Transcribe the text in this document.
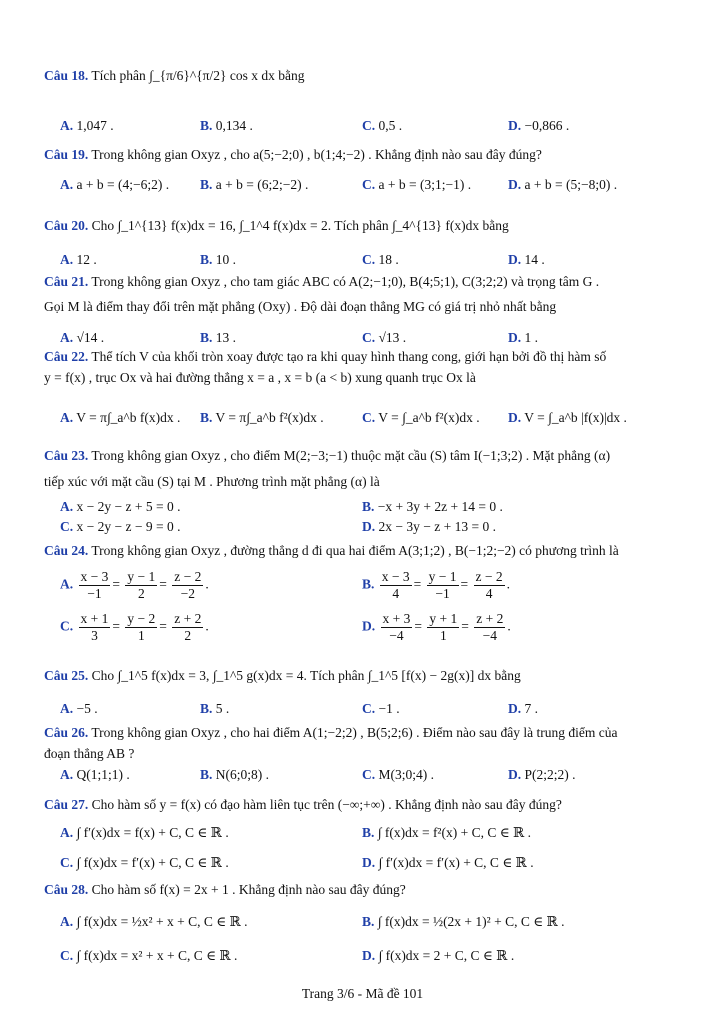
Câu 18. Tích phân ∫_{π/6}^{π/2} cos x dx bằng
A. 1,047 .	B. 0,134 .	C. 0,5 .	D. −0,866 .
Câu 19. Trong không gian Oxyz , cho a(5;−2;0) , b(1;4;−2) . Khẳng định nào sau đây đúng?
A. a + b = (4;−6;2) . B. a + b = (6;2;−2) .	C. a + b = (3;1;−1) .	D. a + b = (5;−8;0) .
Câu 20. Cho ∫_1^{13} f(x)dx = 16, ∫_1^4 f(x)dx = 2. Tích phân ∫_4^{13} f(x)dx bằng
A. 12 .	B. 10 .	C. 18 .	D. 14 .
Câu 21. Trong không gian Oxyz , cho tam giác ABC có A(2;−1;0), B(4;5;1), C(3;2;2) và trọng tâm G .
Gọi M là điểm thay đổi trên mặt phẳng (Oxy) . Độ dài đoạn thẳng MG có giá trị nhỏ nhất bằng
A. √14 .	B. 13 .	C. √13 .	D. 1 .
Câu 22. Thể tích V của khối tròn xoay được tạo ra khi quay hình thang cong, giới hạn bởi đồ thị hàm số
y = f(x) , trục Ox và hai đường thẳng x = a , x = b (a < b) xung quanh trục Ox là
A. V = π∫_a^b f(x)dx . B. V = π∫_a^b f²(x)dx .	C. V = ∫_a^b f²(x)dx . D. V = ∫_a^b |f(x)|dx .
Câu 23. Trong không gian Oxyz , cho điểm M(2;−3;−1) thuộc mặt cầu (S) tâm I(−1;3;2) . Mặt phẳng (α)
tiếp xúc với mặt cầu (S) tại M . Phương trình mặt phẳng (α) là
A. x − 2y − z + 5 = 0 .	B. −x + 3y + 2z + 14 = 0 .
C. x − 2y − z − 9 = 0 .	D. 2x − 3y − z + 13 = 0 .
Câu 24. Trong không gian Oxyz , đường thẳng d đi qua hai điểm A(3;1;2) , B(−1;2;−2) có phương trình là
A. $\frac{x - 3}{-1} = \frac{y - 1}{2} = \frac{z - 2}{-2}$ .	B. $\frac{x - 3}{4} = \frac{y - 1}{-1} = \frac{z - 2}{4}$ .
C. $\frac{x + 1}{3} = \frac{y - 2}{1} = \frac{z + 2}{2}$ .	D. $\frac{x + 3}{-4} = \frac{y + 1}{1} = \frac{z + 2}{-4}$ .
Câu 25. Cho ∫_1^5 f(x)dx = 3, ∫_1^5 g(x)dx = 4. Tích phân ∫_1^5 [f(x) − 2g(x)] dx bằng
A. −5 .	B. 5 .	C. −1 .	D. 7 .
Câu 26. Trong không gian Oxyz , cho hai điểm A(1;−2;2) , B(5;2;6) . Điểm nào sau đây là trung điểm của
đoạn thẳng AB ?
A. Q(1;1;1) .	B. N(6;0;8) .	C. M(3;0;4) .	D. P(2;2;2) .
Câu 27. Cho hàm số y = f(x) có đạo hàm liên tục trên (−∞;+∞) . Khẳng định nào sau đây đúng?
A. ∫ f′(x)dx = f(x) + C, C ∈ ℝ .	B. ∫ f(x)dx = f²(x) + C, C ∈ ℝ .
C. ∫ f(x)dx = f′(x) + C, C ∈ ℝ .	D. ∫ f′(x)dx = f′(x) + C, C ∈ ℝ .
Câu 28. Cho hàm số f(x) = 2x + 1 . Khẳng định nào sau đây đúng?
A. ∫ f(x)dx = ½x² + x + C, C ∈ ℝ .	B. ∫ f(x)dx = ½(2x + 1)² + C, C ∈ ℝ .
C. ∫ f(x)dx = x² + x + C, C ∈ ℝ .	D. ∫ f(x)dx = 2 + C, C ∈ ℝ .
Trang 3/6 - Mã đề 101
